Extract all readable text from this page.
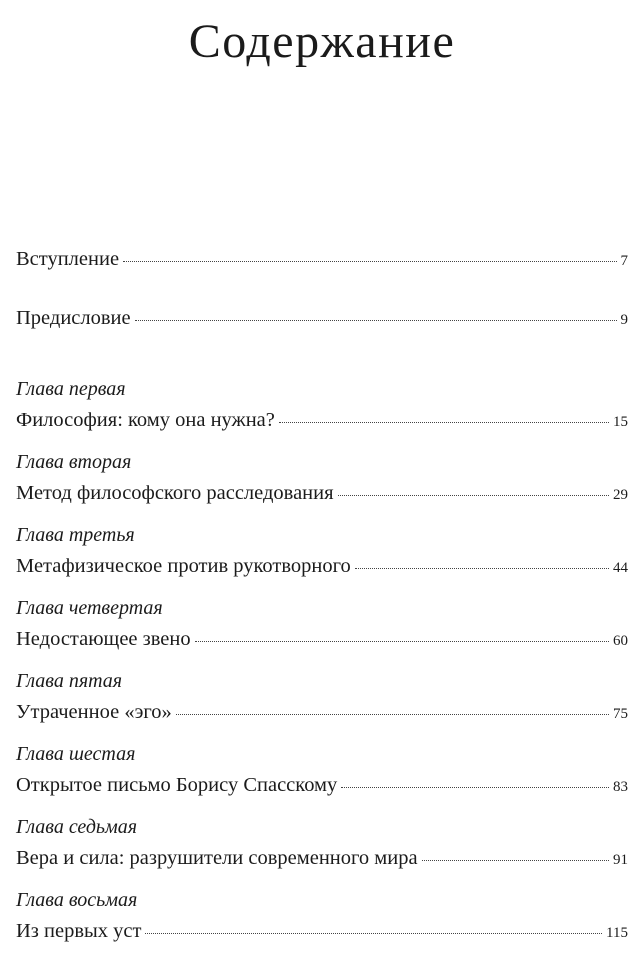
Содержание
Вступление	7
Предисловие	9
Глава первая
Философия: кому она нужна?	15
Глава вторая
Метод философского расследования	29
Глава третья
Метафизическое против рукотворного	44
Глава четвертая
Недостающее звено	60
Глава пятая
Утраченное «эго»	75
Глава шестая
Открытое письмо Борису Спасскому	83
Глава седьмая
Вера и сила: разрушители современного мира	91
Глава восьмая
Из первых уст	115
